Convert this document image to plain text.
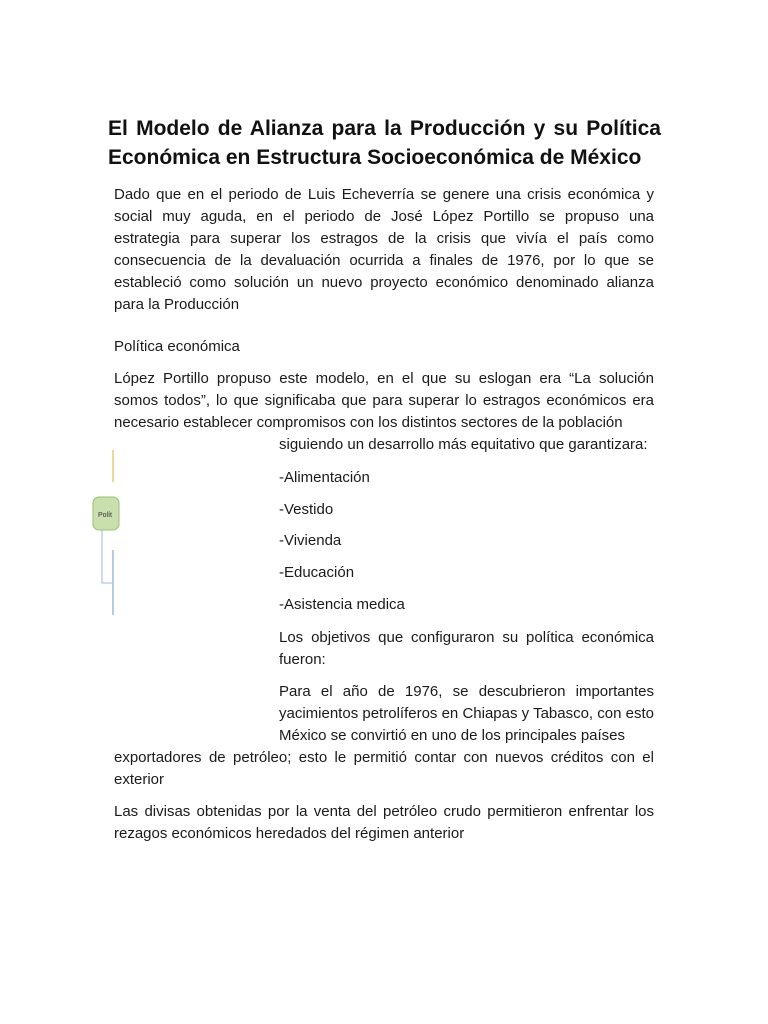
El Modelo de Alianza para la Producción y su Política Económica en Estructura Socioeconómica de México

Dado que en el periodo de Luis Echeverría se genere una crisis económica y social muy aguda, en el periodo de José López Portillo se propuso una estrategia para superar los estragos de la crisis que vivía el país como consecuencia de la devaluación ocurrida a finales de 1976, por lo que se estableció como solución un nuevo proyecto económico denominado alianza para la Producción

Política económica

López Portillo propuso este modelo, en el que su eslogan era “La solución somos todos”, lo que significaba que para superar lo estragos económicos era necesario establecer compromisos con los distintos sectores de la población

siguiendo un desarrollo más equitativo que garantizara:

-Alimentación

-Vestido

-Vivienda

-Educación

-Asistencia medica

Los objetivos que configuraron su política económica fueron:

Para el año de 1976, se descubrieron importantes yacimientos petrolíferos en Chiapas y Tabasco, con esto México se convirtió en uno de los principales países

exportadores de petróleo; esto le permitió contar con nuevos créditos con el exterior

Las divisas obtenidas por la venta del petróleo crudo permitieron enfrentar los rezagos económicos heredados del régimen anterior

Polít
